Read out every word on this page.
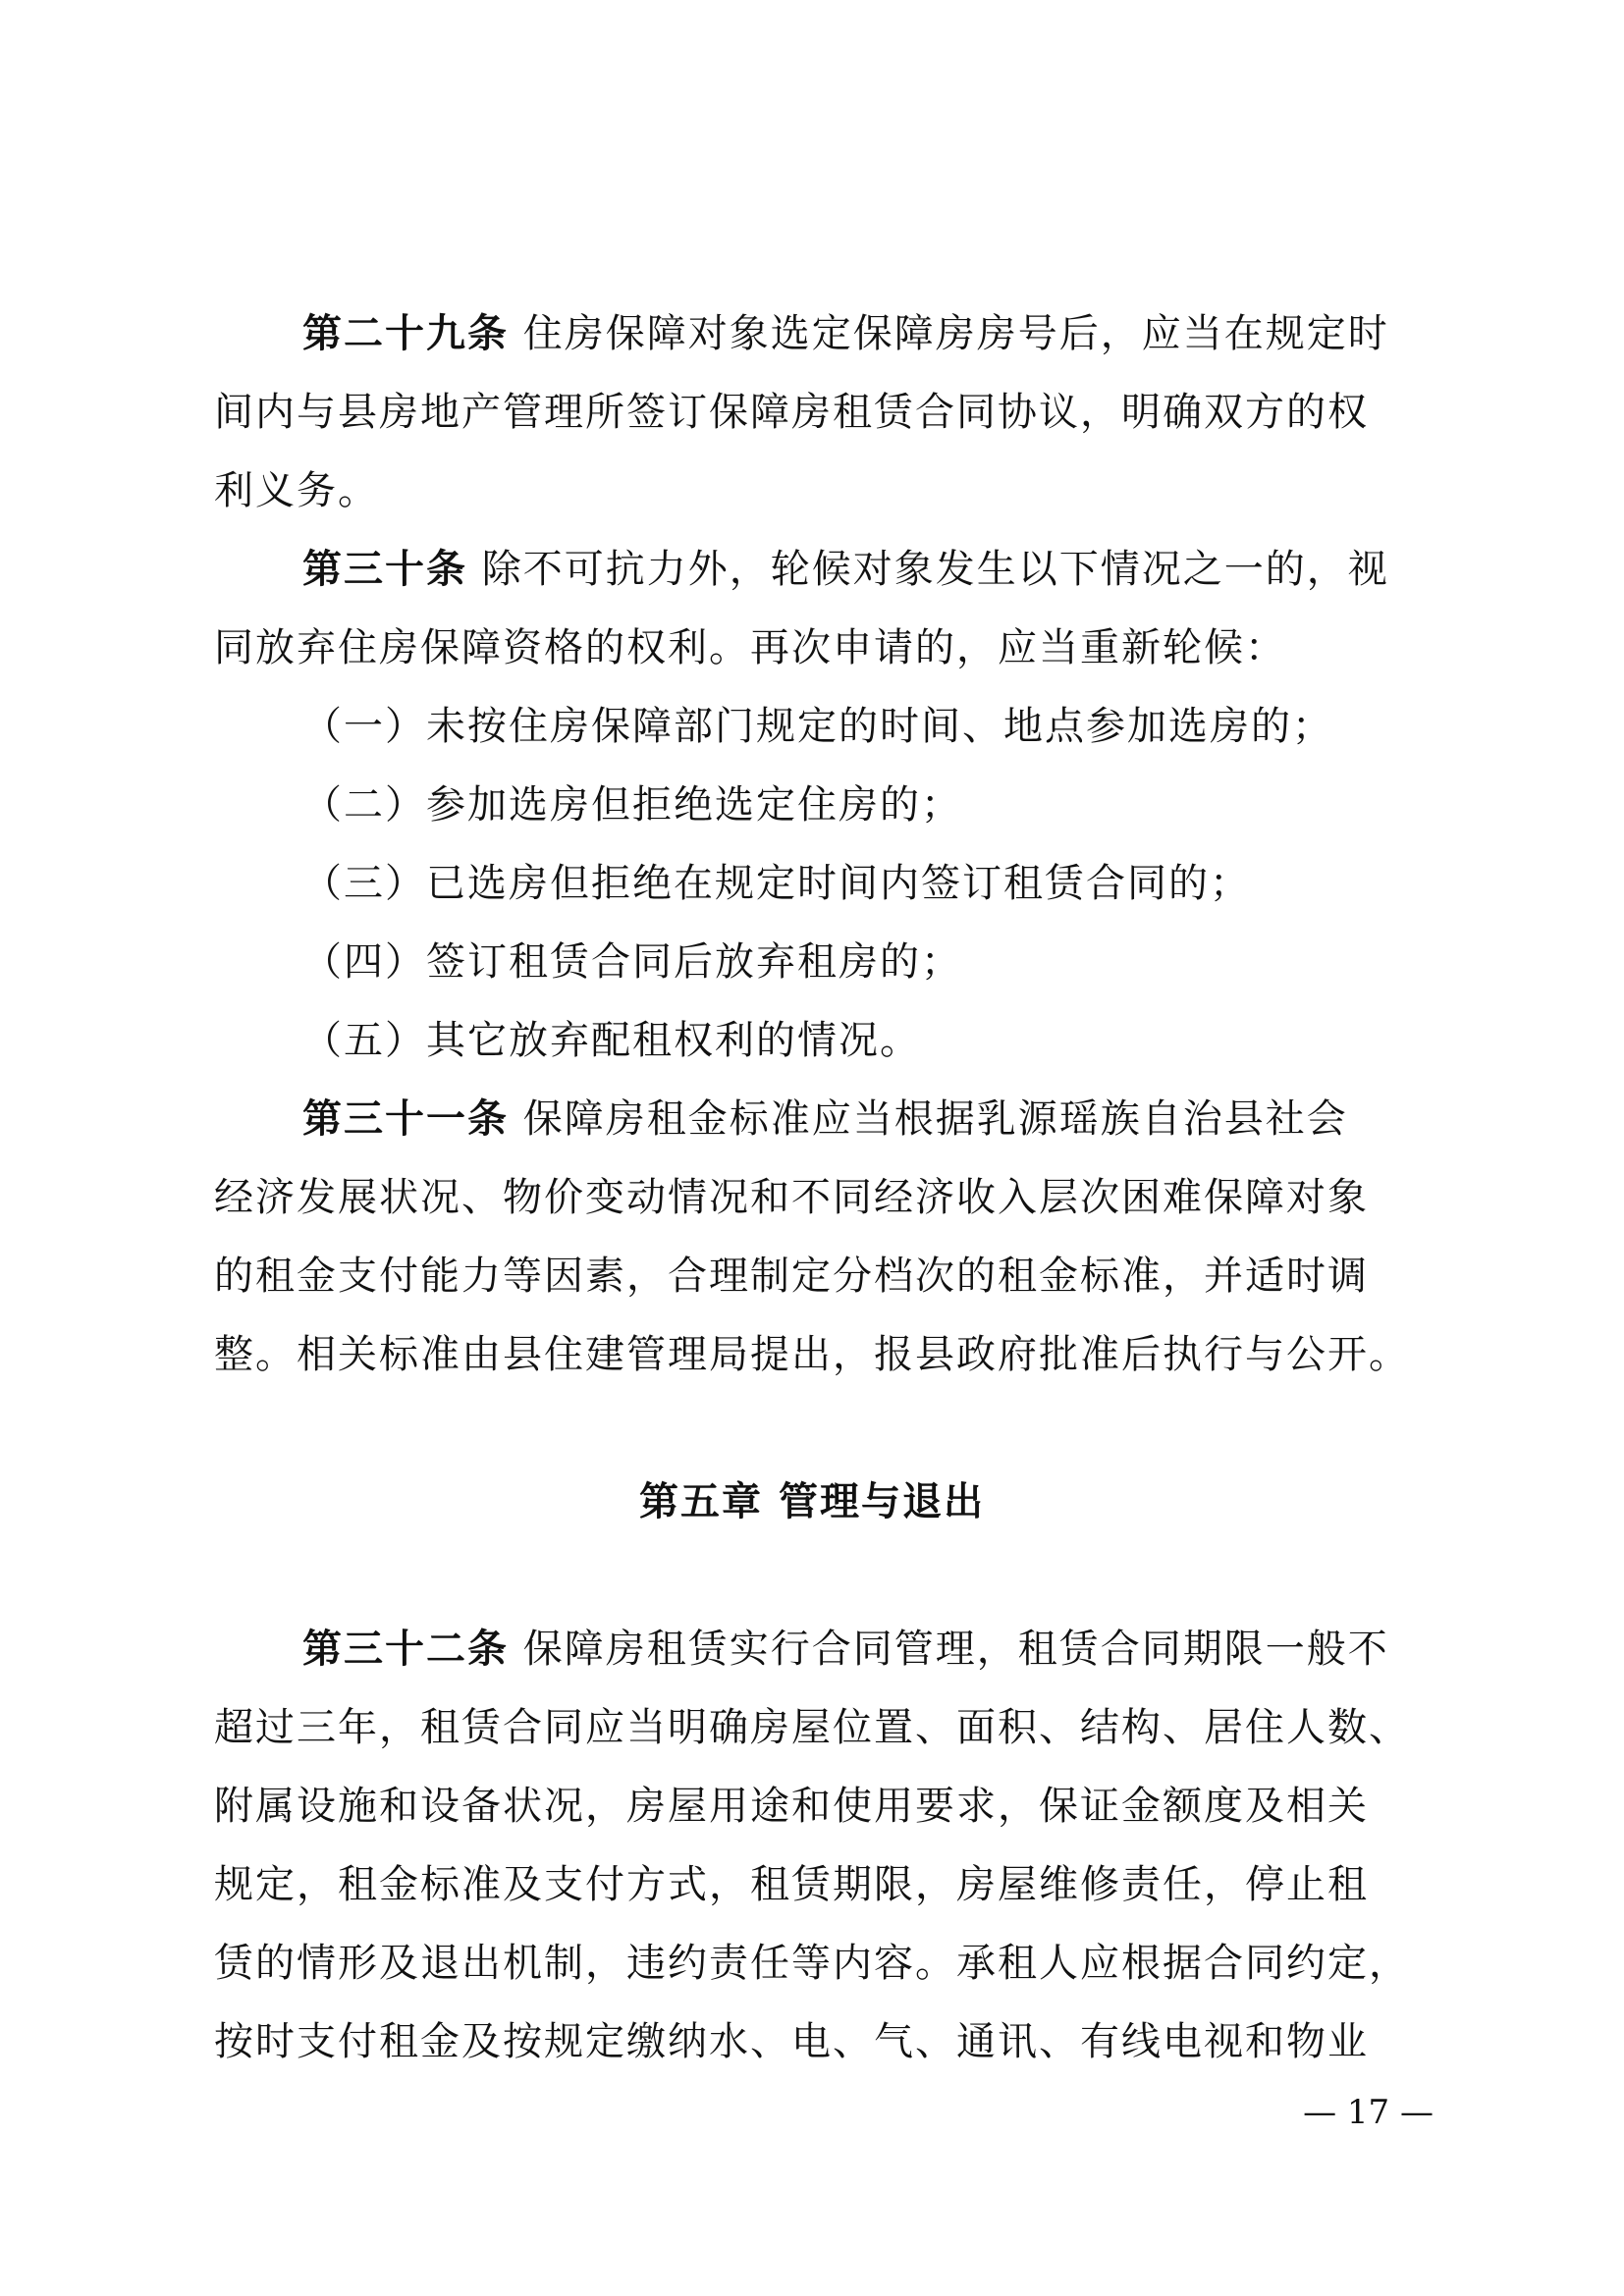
第二十九条 住房保障对象选定保障房房号后，应当在规定时
间内与县房地产管理所签订保障房租赁合同协议，明确双方的权
利义务。
第三十条 除不可抗力外，轮候对象发生以下情况之一的，视
同放弃住房保障资格的权利。再次申请的，应当重新轮候：
（一）未按住房保障部门规定的时间、地点参加选房的；
（二）参加选房但拒绝选定住房的；
（三）已选房但拒绝在规定时间内签订租赁合同的；
（四）签订租赁合同后放弃租房的；
（五）其它放弃配租权利的情况。
第三十一条 保障房租金标准应当根据乳源瑶族自治县社会
经济发展状况、物价变动情况和不同经济收入层次困难保障对象
的租金支付能力等因素，合理制定分档次的租金标准，并适时调
整。相关标准由县住建管理局提出，报县政府批准后执行与公开。
第五章 管理与退出
第三十二条 保障房租赁实行合同管理，租赁合同期限一般不
超过三年，租赁合同应当明确房屋位置、面积、结构、居住人数、
附属设施和设备状况，房屋用途和使用要求，保证金额度及相关
规定，租金标准及支付方式，租赁期限，房屋维修责任，停止租
赁的情形及退出机制，违约责任等内容。承租人应根据合同约定，
按时支付租金及按规定缴纳水、电、气、通讯、有线电视和物业
— 17 —
